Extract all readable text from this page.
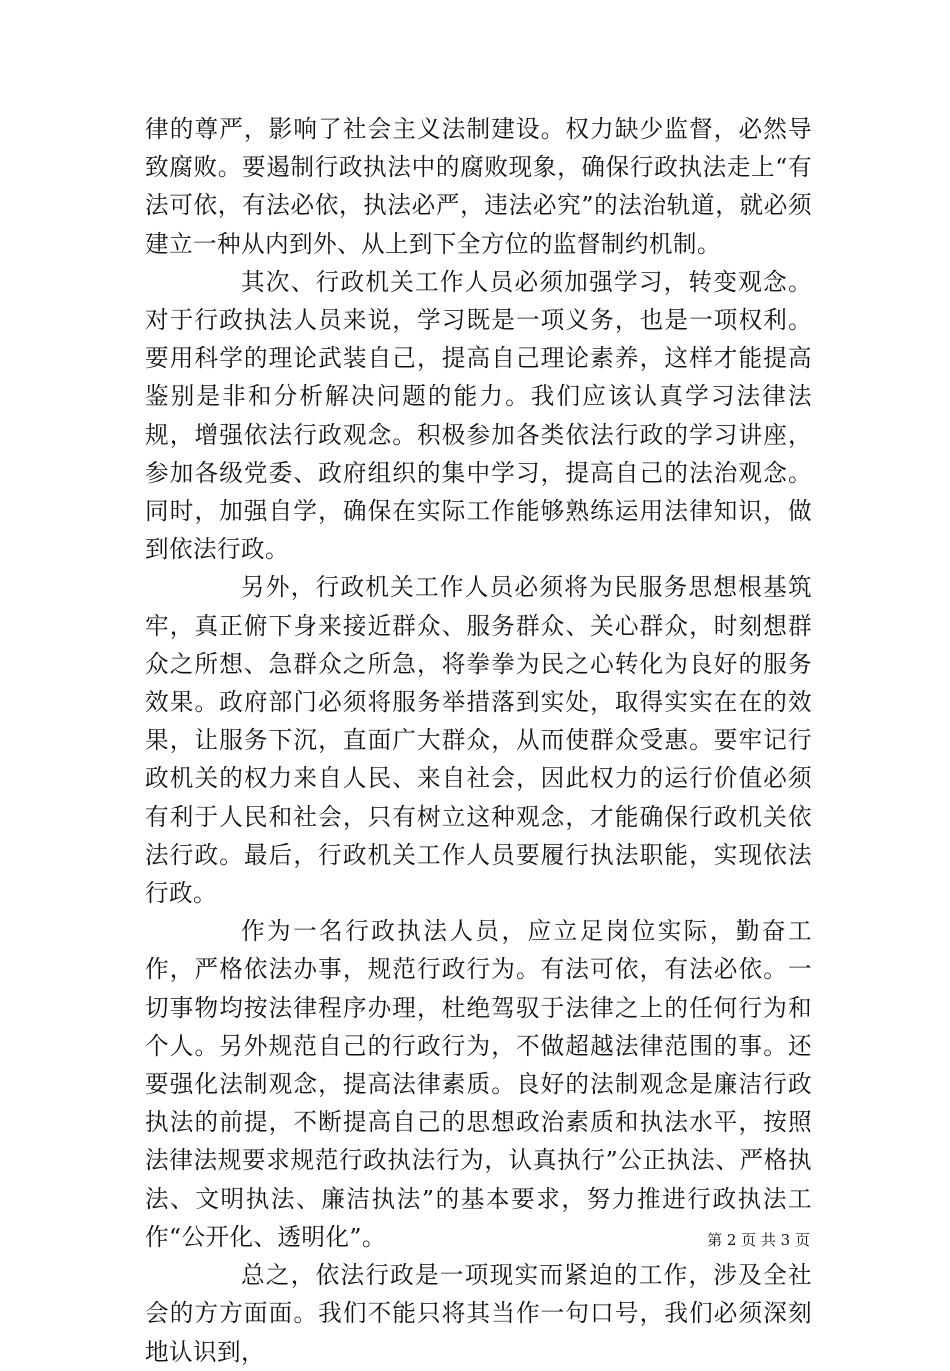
律的尊严，影响了社会主义法制建设。权力缺少监督，必然导致腐败。要遏制行政执法中的腐败现象，确保行政执法走上“有法可依，有法必依，执法必严，违法必究”的法治轨道，就必须建立一种从内到外、从上到下全方位的监督制约机制。

其次、行政机关工作人员必须加强学习，转变观念。对于行政执法人员来说，学习既是一项义务，也是一项权利。要用科学的理论武装自己，提高自己理论素养，这样才能提高鉴别是非和分析解决问题的能力。我们应该认真学习法律法规，增强依法行政观念。积极参加各类依法行政的学习讲座，参加各级党委、政府组织的集中学习，提高自己的法治观念。同时，加强自学，确保在实际工作能够熟练运用法律知识，做到依法行政。

另外，行政机关工作人员必须将为民服务思想根基筑牢，真正俯下身来接近群众、服务群众、关心群众，时刻想群众之所想、急群众之所急，将拳拳为民之心转化为良好的服务效果。政府部门必须将服务举措落到实处，取得实实在在的效果，让服务下沉，直面广大群众，从而使群众受惠。要牢记行政机关的权力来自人民、来自社会，因此权力的运行价值必须有利于人民和社会，只有树立这种观念，才能确保行政机关依法行政。最后，行政机关工作人员要履行执法职能，实现依法行政。

作为一名行政执法人员，应立足岗位实际，勤奋工作，严格依法办事，规范行政行为。有法可依，有法必依。一切事物均按法律程序办理，杜绝驾驭于法律之上的任何行为和个人。另外规范自己的行政行为，不做超越法律范围的事。还要强化法制观念，提高法律素质。良好的法制观念是廉洁行政执法的前提，不断提高自己的思想政治素质和执法水平，按照法律法规要求规范行政执法行为，认真执行”公正执法、严格执法、文明执法、廉洁执法”的基本要求，努力推进行政执法工作“公开化、透明化”。

总之，依法行政是一项现实而紧迫的工作，涉及全社会的方方面面。我们不能只将其当作一句口号，我们必须深刻地认识到，

第 2 页 共 3 页
